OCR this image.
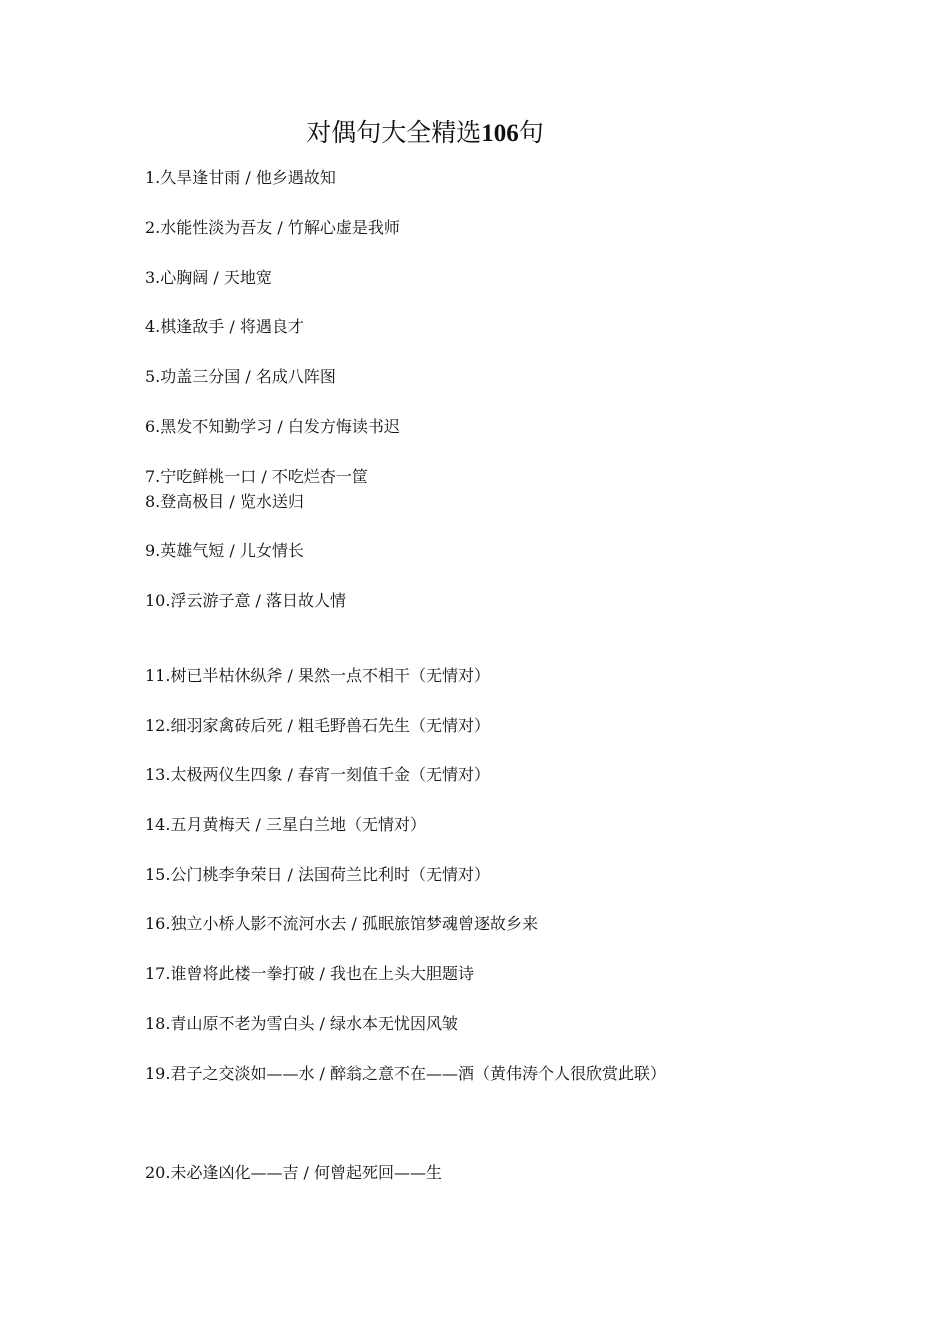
对偶句大全精选106句
1.久旱逢甘雨 / 他乡遇故知
2.水能性淡为吾友 / 竹解心虚是我师
3.心胸阔 / 天地宽
4.棋逢敌手 / 将遇良才
5.功盖三分国 / 名成八阵图
6.黑发不知勤学习 / 白发方悔读书迟
7.宁吃鲜桃一口 / 不吃烂杏一筐
8.登高极目 / 览水送归
9.英雄气短 / 儿女情长
10.浮云游子意 / 落日故人情
11.树已半枯休纵斧 / 果然一点不相干（无情对）
12.细羽家禽砖后死 / 粗毛野兽石先生（无情对）
13.太极两仪生四象 / 春宵一刻值千金（无情对）
14.五月黄梅天 / 三星白兰地（无情对）
15.公门桃李争荣日 / 法国荷兰比利时（无情对）
16.独立小桥人影不流河水去 / 孤眠旅馆梦魂曾逐故乡来
17.谁曾将此楼一拳打破 / 我也在上头大胆题诗
18.青山原不老为雪白头 / 绿水本无忧因风皱
19.君子之交淡如——水 / 醉翁之意不在——酒（黄伟涛个人很欣赏此联）
20.未必逢凶化——吉 / 何曾起死回——生
